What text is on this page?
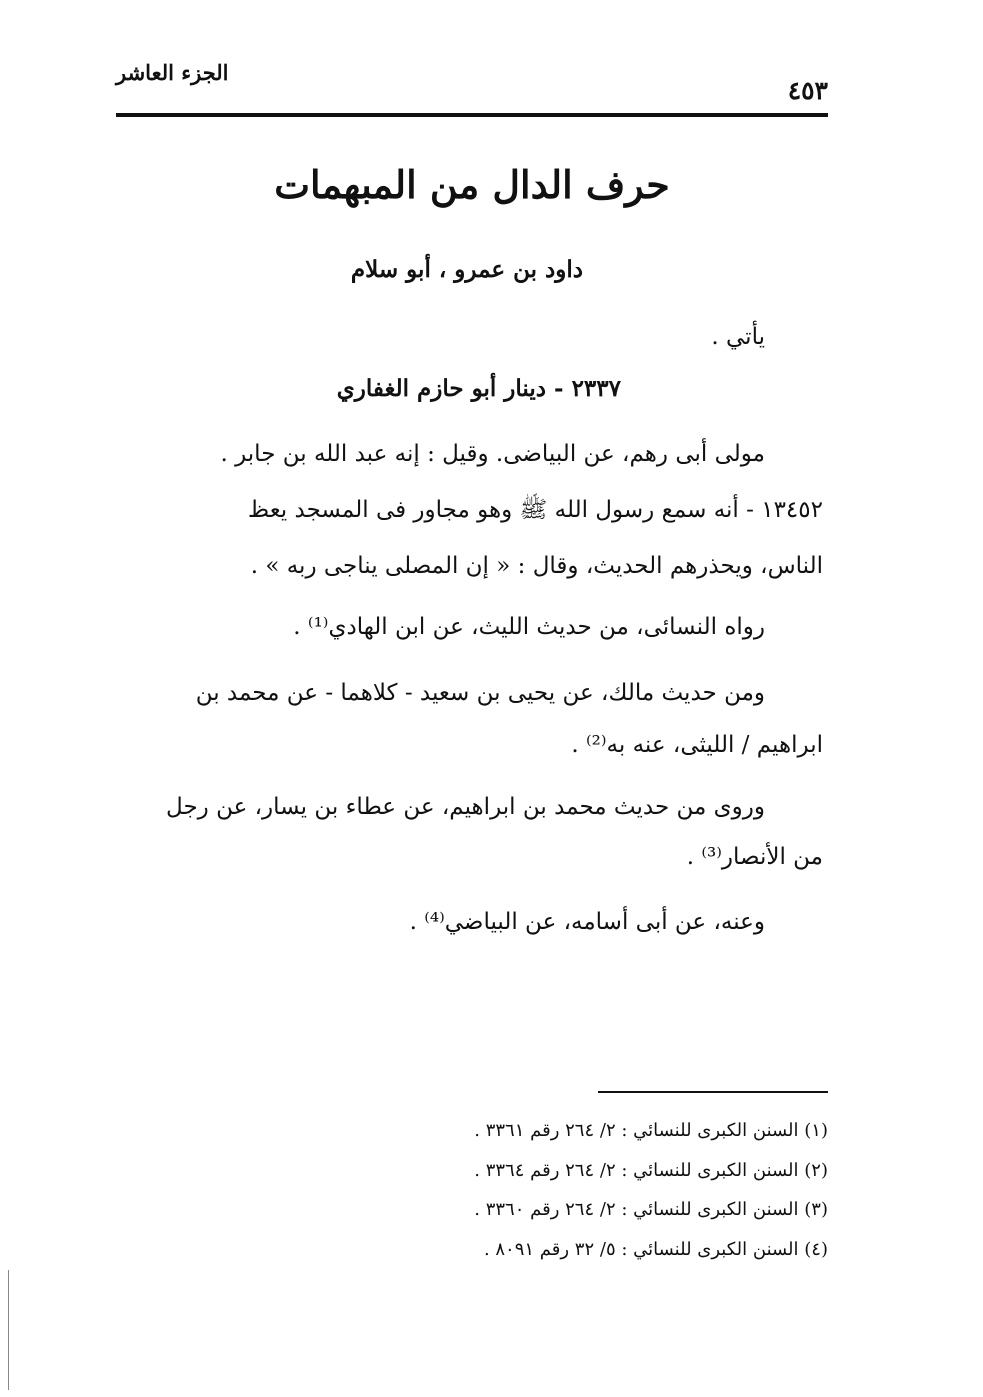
٤٥٣
الجزء العاشر
حرف الدال من المبهمات
داود بن عمرو ، أبو سلام
يأتي .
٢٣٣٧ - دينار أبو حازم الغفاري
مولى أبى رهم، عن البياضى. وقيل : إنه عبد الله بن جابر .
١٣٤٥٢ - أنه سمع رسول الله ﷺ وهو مجاور فى المسجد يعظ
الناس، ويحذرهم الحديث، وقال : « إن المصلى يناجى ربه » .
رواه النسائى، من حديث الليث، عن ابن الهادي⁽¹⁾ .
ومن حديث مالك، عن يحيى بن سعيد - كلاهما - عن محمد بن
ابراهيم / الليثى، عنه به⁽²⁾ .
وروى من حديث محمد بن ابراهيم، عن عطاء بن يسار، عن رجل
من الأنصار⁽³⁾ .
وعنه، عن أبى أسامه، عن البياضي⁽⁴⁾ .
(١) السنن الكبرى للنسائي : ٢/ ٢٦٤ رقم ٣٣٦١ .
(٢) السنن الكبرى للنسائي : ٢/ ٢٦٤ رقم ٣٣٦٤ .
(٣) السنن الكبرى للنسائي : ٢/ ٢٦٤ رقم ٣٣٦٠ .
(٤) السنن الكبرى للنسائي : ٥/ ٣٢ رقم ٨٠٩١ .
